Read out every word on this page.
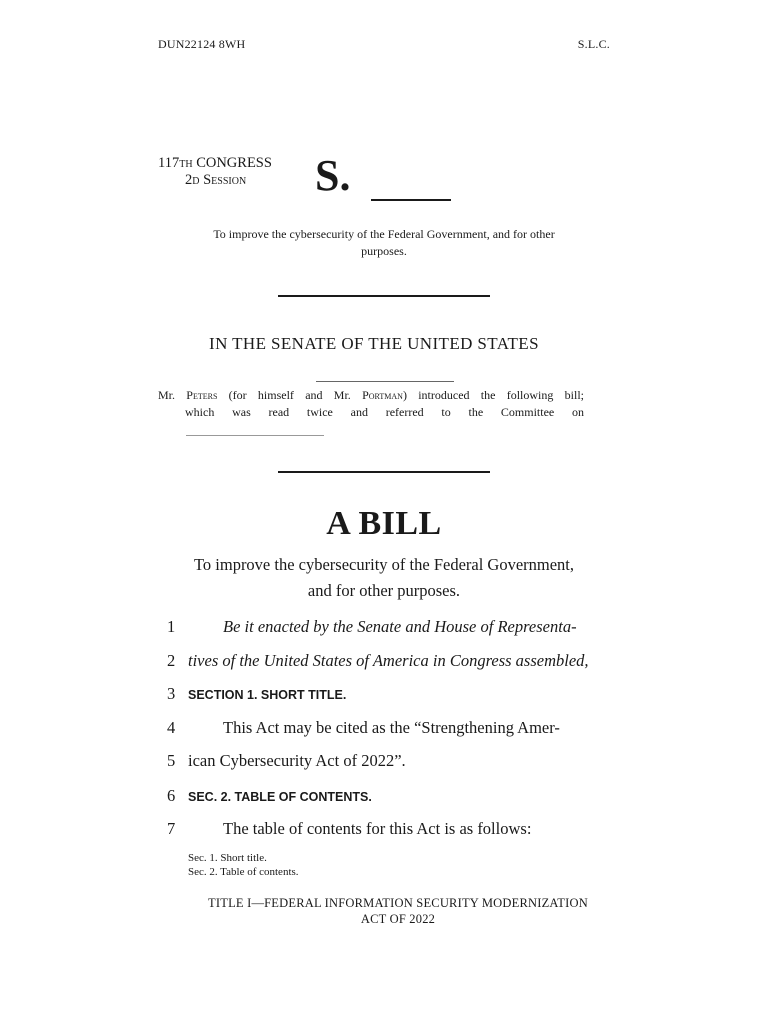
DUN22124 8WH	S.L.C.
117th CONGRESS
2d Session	S.
To improve the cybersecurity of the Federal Government, and for other
purposes.
IN THE SENATE OF THE UNITED STATES
Mr. Peters (for himself and Mr. Portman) introduced the following bill;
which was read twice and referred to the Committee on
A BILL
To improve the cybersecurity of the Federal Government,
and for other purposes.
1	Be it enacted by the Senate and House of Representa-
2 tives of the United States of America in Congress assembled,
3	SECTION 1. SHORT TITLE.
4	This Act may be cited as the “Strengthening Amer-
5 ican Cybersecurity Act of 2022”.
6	SEC. 2. TABLE OF CONTENTS.
7	The table of contents for this Act is as follows:
Sec. 1. Short title.
Sec. 2. Table of contents.
TITLE I—FEDERAL INFORMATION SECURITY MODERNIZATION
ACT OF 2022
